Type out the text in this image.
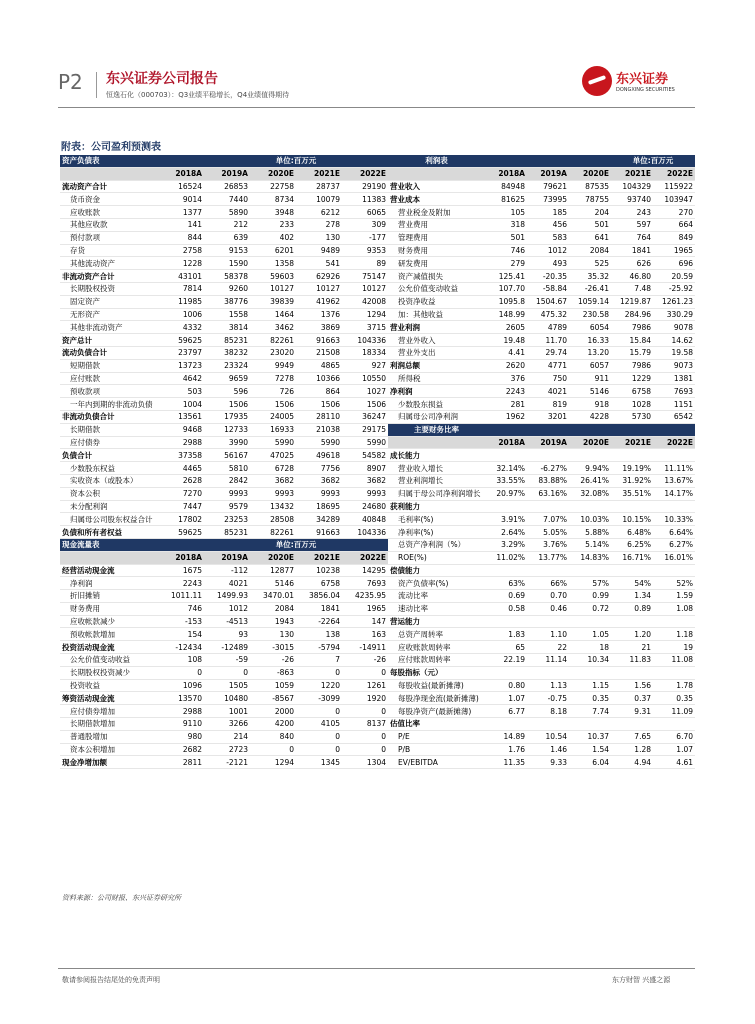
P2 东兴证券公司报告
恒逸石化（000703）：Q3业绩平稳增长，Q4业绩值得期待
东兴证券
DONGXING SECURITIES
附表：公司盈利预测表
资产负债表			单位:百万元			利润表				单位:百万元	
	2018A	2019A	2020E	2021E	2022E		2018A	2019A	2020E	2021E	2022E
流动资产合计	16524	26853	22758	28737	29190	营业收入	84948	79621	87535	104329	115922
货币资金	9014	7440	8734	10079	11383	营业成本	81625	73995	78755	93740	103947
应收账款	1377	5890	3948	6212	6065	营业税金及附加	105	185	204	243	270
其他应收款	141	212	233	278	309	营业费用	318	456	501	597	664
预付款项	844	639	402	130	-177	管理费用	501	583	641	764	849
存货	2758	9153	6201	9489	9353	财务费用	746	1012	2084	1841	1965
其他流动资产	1228	1590	1358	541	89	研发费用	279	493	525	626	696
非流动资产合计	43101	58378	59603	62926	75147	资产减值损失	125.41	-20.35	35.32	46.80	20.59
长期股权投资	7814	9260	10127	10127	10127	公允价值变动收益	107.70	-58.84	-26.41	7.48	-25.92
固定资产	11985	38776	39839	41962	42008	投资净收益	1095.8	1504.67	1059.14	1219.87	1261.23
无形资产	1006	1558	1464	1376	1294	加：其他收益	148.99	475.32	230.58	284.96	330.29
其他非流动资产	4332	3814	3462	3869	3715	营业利润	2605	4789	6054	7986	9078
资产总计	59625	85231	82261	91663	104336	营业外收入	19.48	11.70	16.33	15.84	14.62
流动负债合计	23797	38232	23020	21508	18334	营业外支出	4.41	29.74	13.20	15.79	19.58
短期借款	13723	23324	9949	4865	927	利润总额	2620	4771	6057	7986	9073
应付账款	4642	9659	7278	10366	10550	所得税	376	750	911	1229	1381
预收款项	503	596	726	864	1027	净利润	2243	4021	5146	6758	7693
一年内到期的非流动负债	1004	1506	1506	1506	1506	少数股东损益	281	819	918	1028	1151
非流动负债合计	13561	17935	24005	28110	36247	归属母公司净利润	1962	3201	4228	5730	6542
长期借款	9468	12733	16933	21038	29175	主要财务比率					
应付债券	2988	3990	5990	5990	5990		2018A	2019A	2020E	2021E	2022E
负债合计	37358	56167	47025	49618	54582	成长能力					
少数股东权益	4465	5810	6728	7756	8907	营业收入增长	32.14%	-6.27%	9.94%	19.19%	11.11%
实收资本（或股本）	2628	2842	3682	3682	3682	营业利润增长	33.55%	83.88%	26.41%	31.92%	13.67%
资本公积	7270	9993	9993	9993	9993	归属于母公司净利润增长	20.97%	63.16%	32.08%	35.51%	14.17%
未分配利润	7447	9579	13432	18695	24680	获利能力					
归属母公司股东权益合计	17802	23253	28508	34289	40848	毛利率(%)	3.91%	7.07%	10.03%	10.15%	10.33%
负债和所有者权益	59625	85231	82261	91663	104336	净利率(%)	2.64%	5.05%	5.88%	6.48%	6.64%
现金流量表			单位:百万元			总资产净利润（%）	3.29%	3.76%	5.14%	6.25%	6.27%
	2018A	2019A	2020E	2021E	2022E	ROE(%)	11.02%	13.77%	14.83%	16.71%	16.01%
经营活动现金流	1675	-112	12877	10238	14295	偿债能力					
净利润	2243	4021	5146	6758	7693	资产负债率(%)	63%	66%	57%	54%	52%
折旧摊销	1011.11	1499.93	3470.01	3856.04	4235.95	流动比率	0.69	0.70	0.99	1.34	1.59
财务费用	746	1012	2084	1841	1965	速动比率	0.58	0.46	0.72	0.89	1.08
应收帐款减少	-153	-4513	1943	-2264	147	营运能力					
预收帐款增加	154	93	130	138	163	总资产周转率	1.83	1.10	1.05	1.20	1.18
投资活动现金流	-12434	-12489	-3015	-5794	-14911	应收账款周转率	65	22	18	21	19
公允价值变动收益	108	-59	-26	7	-26	应付账款周转率	22.19	11.14	10.34	11.83	11.08
长期股权投资减少	0	0	-863	0	0	每股指标（元）					
投资收益	1096	1505	1059	1220	1261	每股收益(最新摊薄)	0.80	1.13	1.15	1.56	1.78
筹资活动现金流	13570	10480	-8567	-3099	1920	每股净现金流(最新摊薄)	1.07	-0.75	0.35	0.37	0.35
应付债券增加	2988	1001	2000	0	0	每股净资产(最新摊薄)	6.77	8.18	7.74	9.31	11.09
长期借款增加	9110	3266	4200	4105	8137	估值比率					
普通股增加	980	214	840	0	0	P/E	14.89	10.54	10.37	7.65	6.70
资本公积增加	2682	2723	0	0	0	P/B	1.76	1.46	1.54	1.28	1.07
现金净增加额	2811	-2121	1294	1345	1304	EV/EBITDA	11.35	9.33	6.04	4.94	4.61
资料来源：公司财报、东兴证券研究所
敬请参阅报告结尾处的免责声明	东方财智 兴盛之源
